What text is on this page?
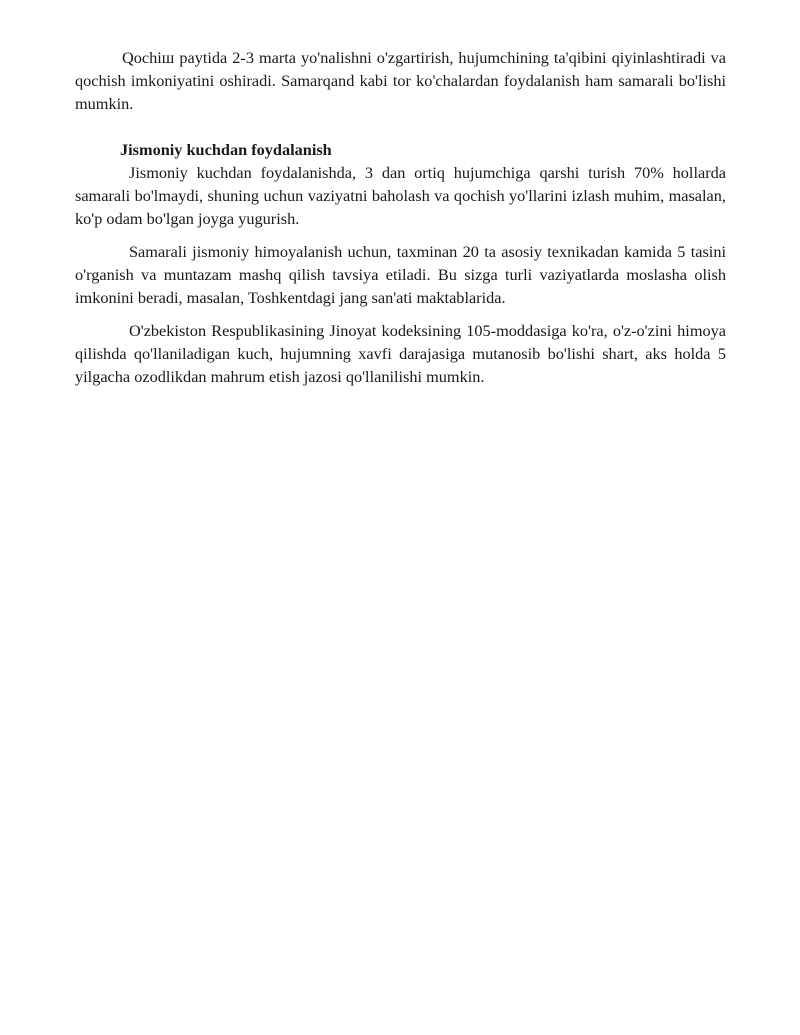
Qochiш paytida 2-3 marta yo'nalishni o'zgartirish, hujumchining ta'qibini qiyinlashtiradi va qochish imkoniyatini oshiradi. Samarqand kabi tor ko'chalardan foydalanish ham samarali bo'lishi mumkin.

Jismoniy kuchdan foydalanish

Jismoniy kuchdan foydalanishda, 3 dan ortiq hujumchiga qarshi turish 70% hollarda samarali bo'lmaydi, shuning uchun vaziyatni baholash va qochish yo'llarini izlash muhim, masalan, ko'p odam bo'lgan joyga yugurish.

Samarali jismoniy himoyalanish uchun, taxminan 20 ta asosiy texnikadan kamida 5 tasini o'rganish va muntazam mashq qilish tavsiya etiladi. Bu sizga turli vaziyatlarda moslasha olish imkonini beradi, masalan, Toshkentdagi jang san'ati maktablarida.

O'zbekiston Respublikasining Jinoyat kodeksining 105-moddasiga ko'ra, o'z-o'zini himoya qilishda qo'llaniladigan kuch, hujumning xavfi darajasiga mutanosib bo'lishi shart, aks holda 5 yilgacha ozodlikdan mahrum etish jazosi qo'llanilishi mumkin.
